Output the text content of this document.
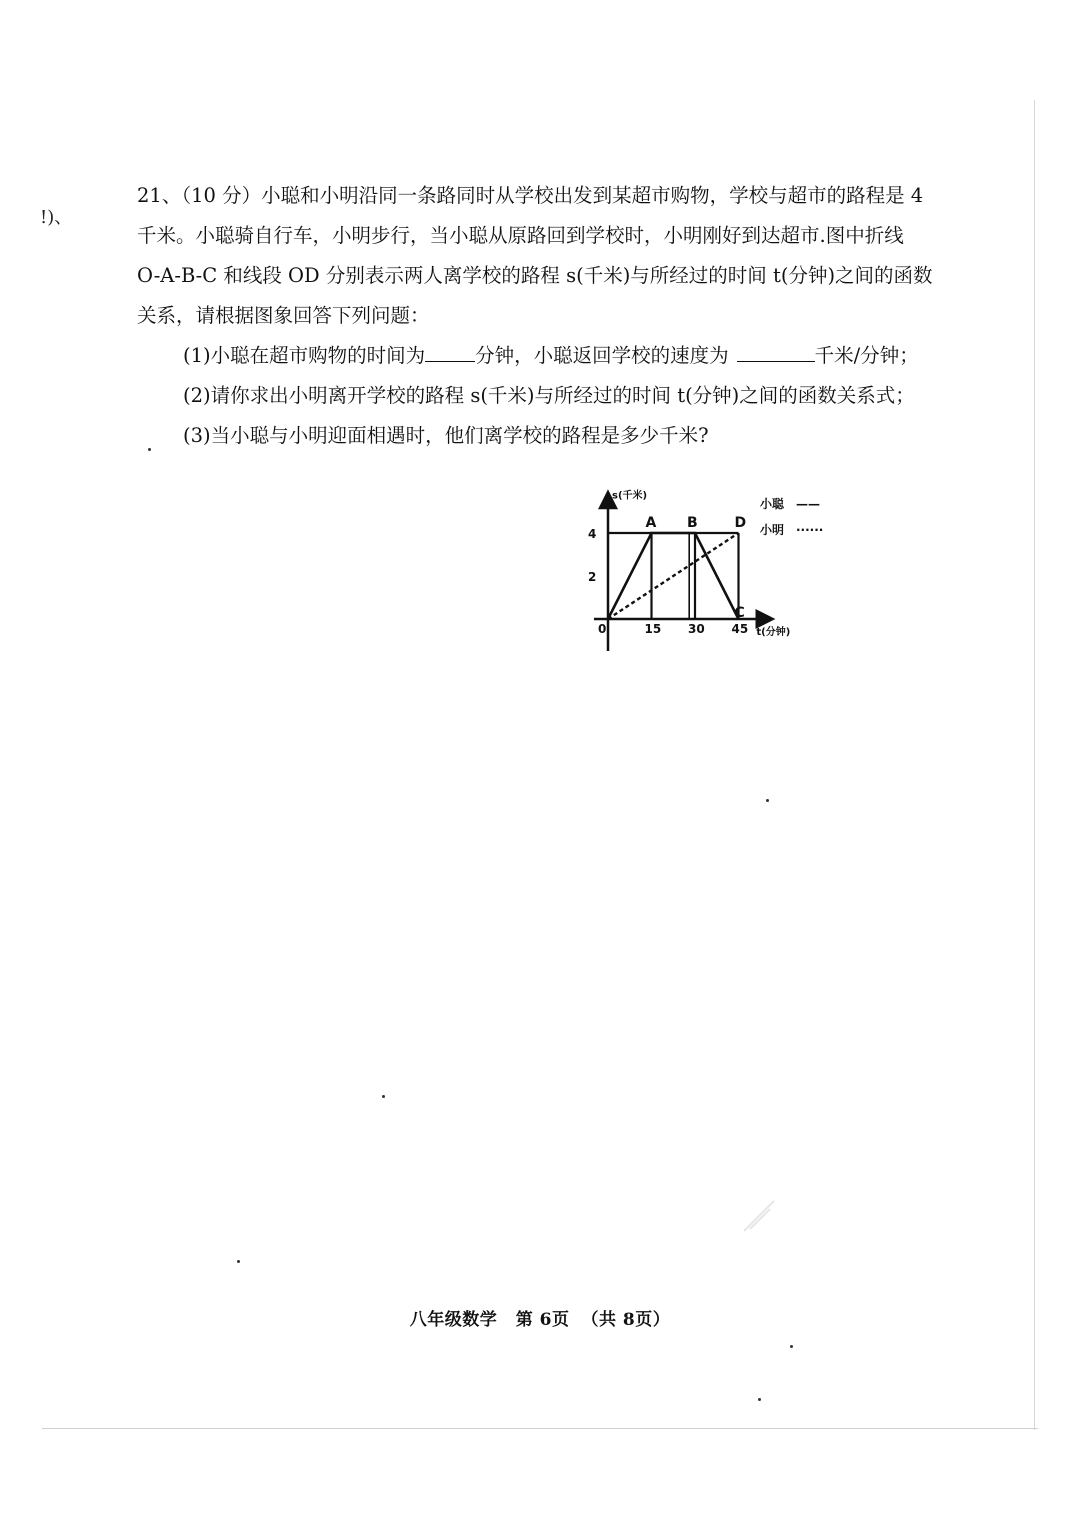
!)、
21、（10 分）小聪和小明沿同一条路同时从学校出发到某超市购物，学校与超市的路程是 4
千米。小聪骑自行车，小明步行，当小聪从原路回到学校时，小明刚好到达超市.图中折线
O-A-B-C 和线段 OD 分别表示两人离学校的路程 s(千米)与所经过的时间 t(分钟)之间的函数
关系，请根据图象回答下列问题：
(1)小聪在超市购物的时间为	分钟，小聪返回学校的速度为	千米/分钟；
(2)请你求出小明离开学校的路程 s(千米)与所经过的时间 t(分钟)之间的函数关系式；
(3)当小聪与小明迎面相遇时，他们离学校的路程是多少千米?
0	15 30 45
2
4
A B
C
D
s(千米)
t(分钟)
小聪 ——
小明 ······
八年级数学 第 6页 （共 8页）
